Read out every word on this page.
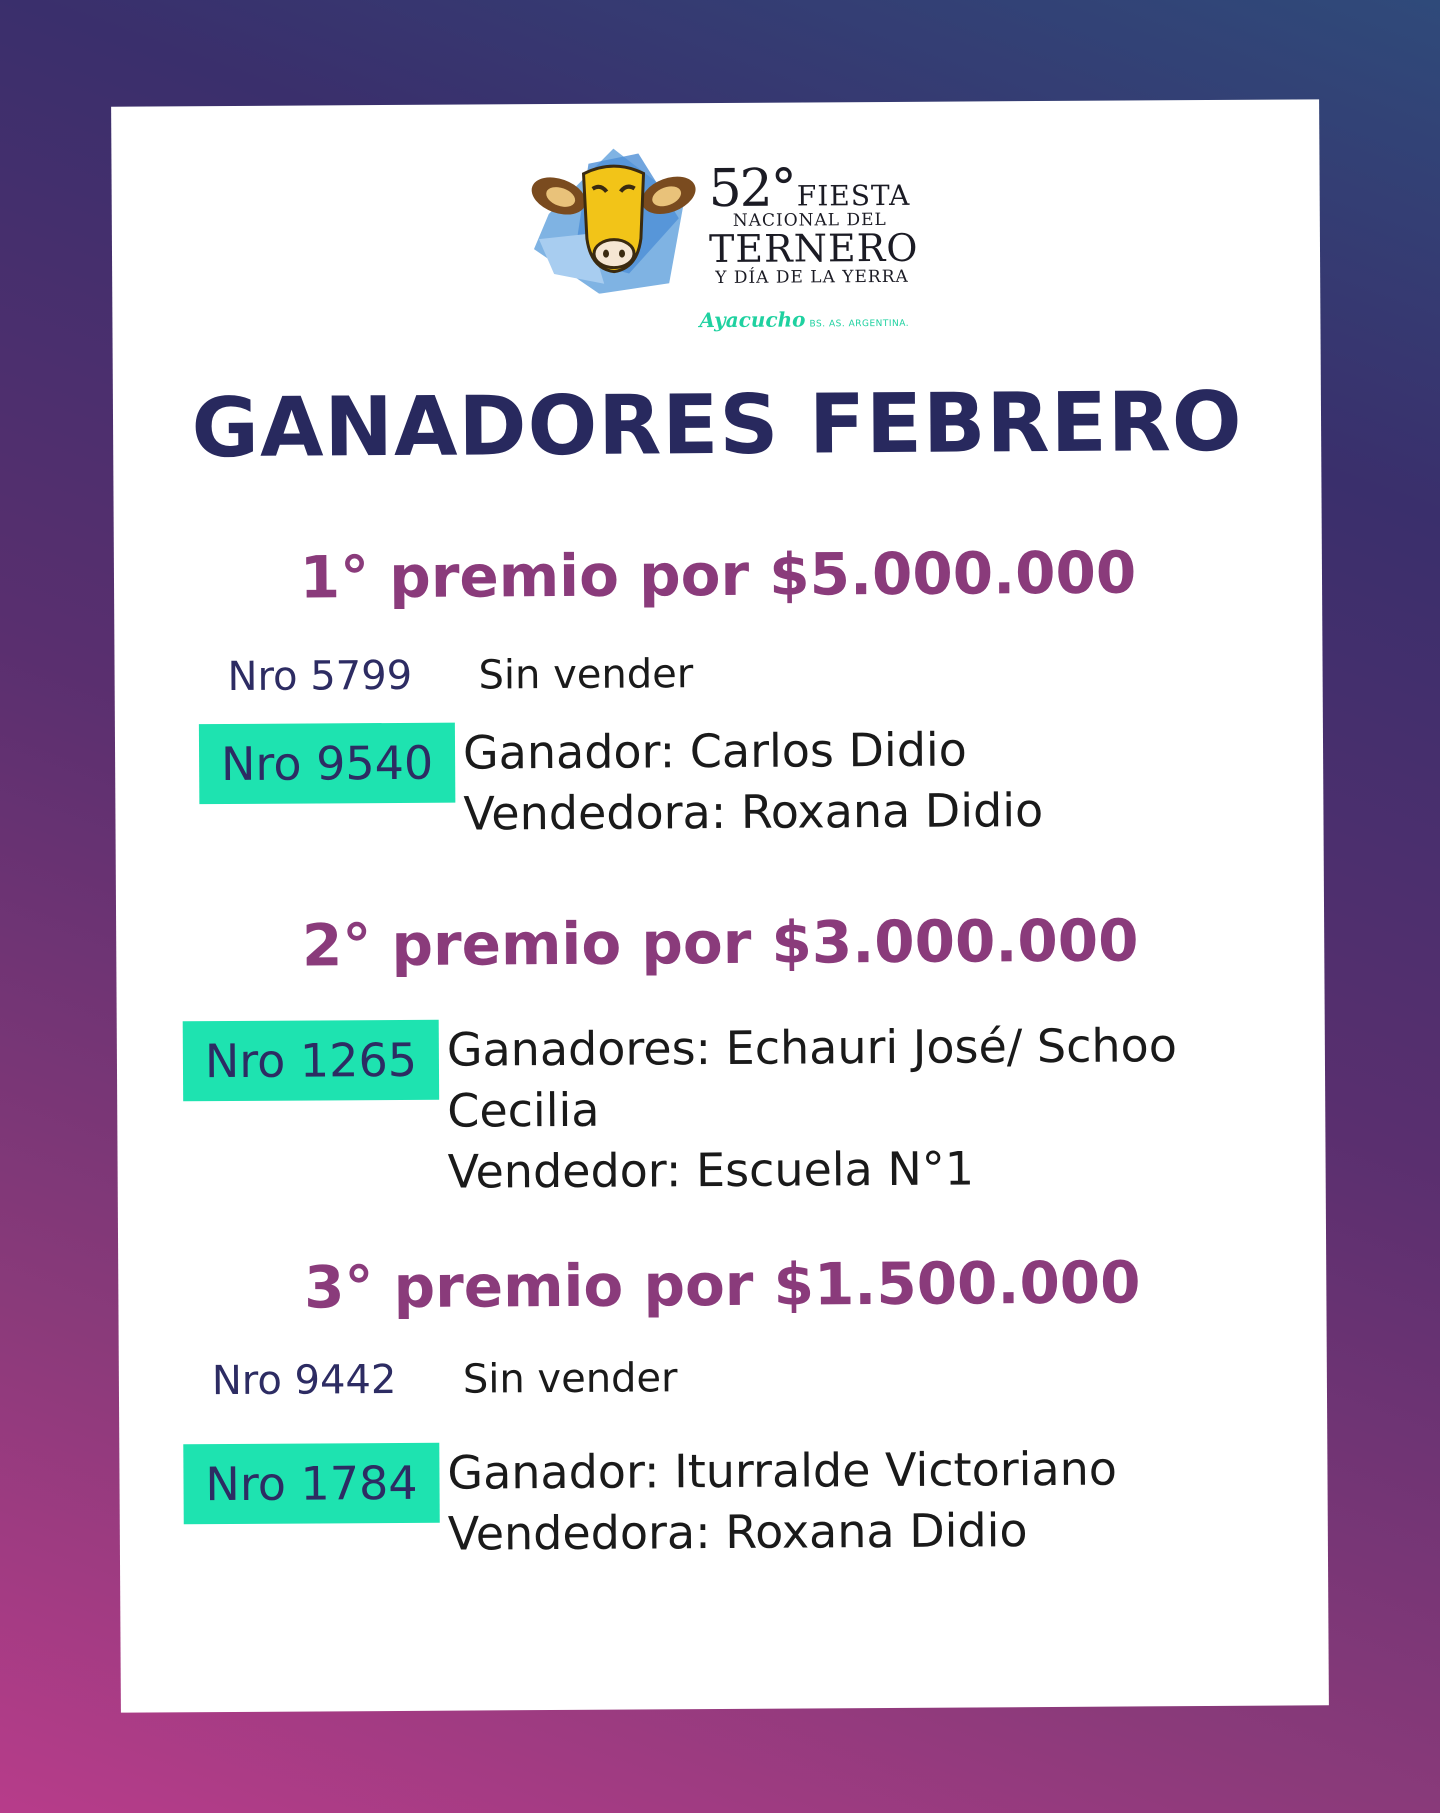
52°FIESTA
NACIONAL DEL
TERNERO
Y DÍA DE LA YERRA
Ayacucho BS. AS. ARGENTINA.
GANADORES FEBRERO
1° premio por $5.000.000
Nro 5799 Sin vender
Nro 9540 Ganador: Carlos Didio
Vendedora: Roxana Didio
2° premio por $3.000.000
Nro 1265 Ganadores: Echauri José/ Schoo
Cecilia
Vendedor: Escuela N°1
3° premio por $1.500.000
Nro 9442 Sin vender
Nro 1784 Ganador: Iturralde Victoriano
Vendedora: Roxana Didio
